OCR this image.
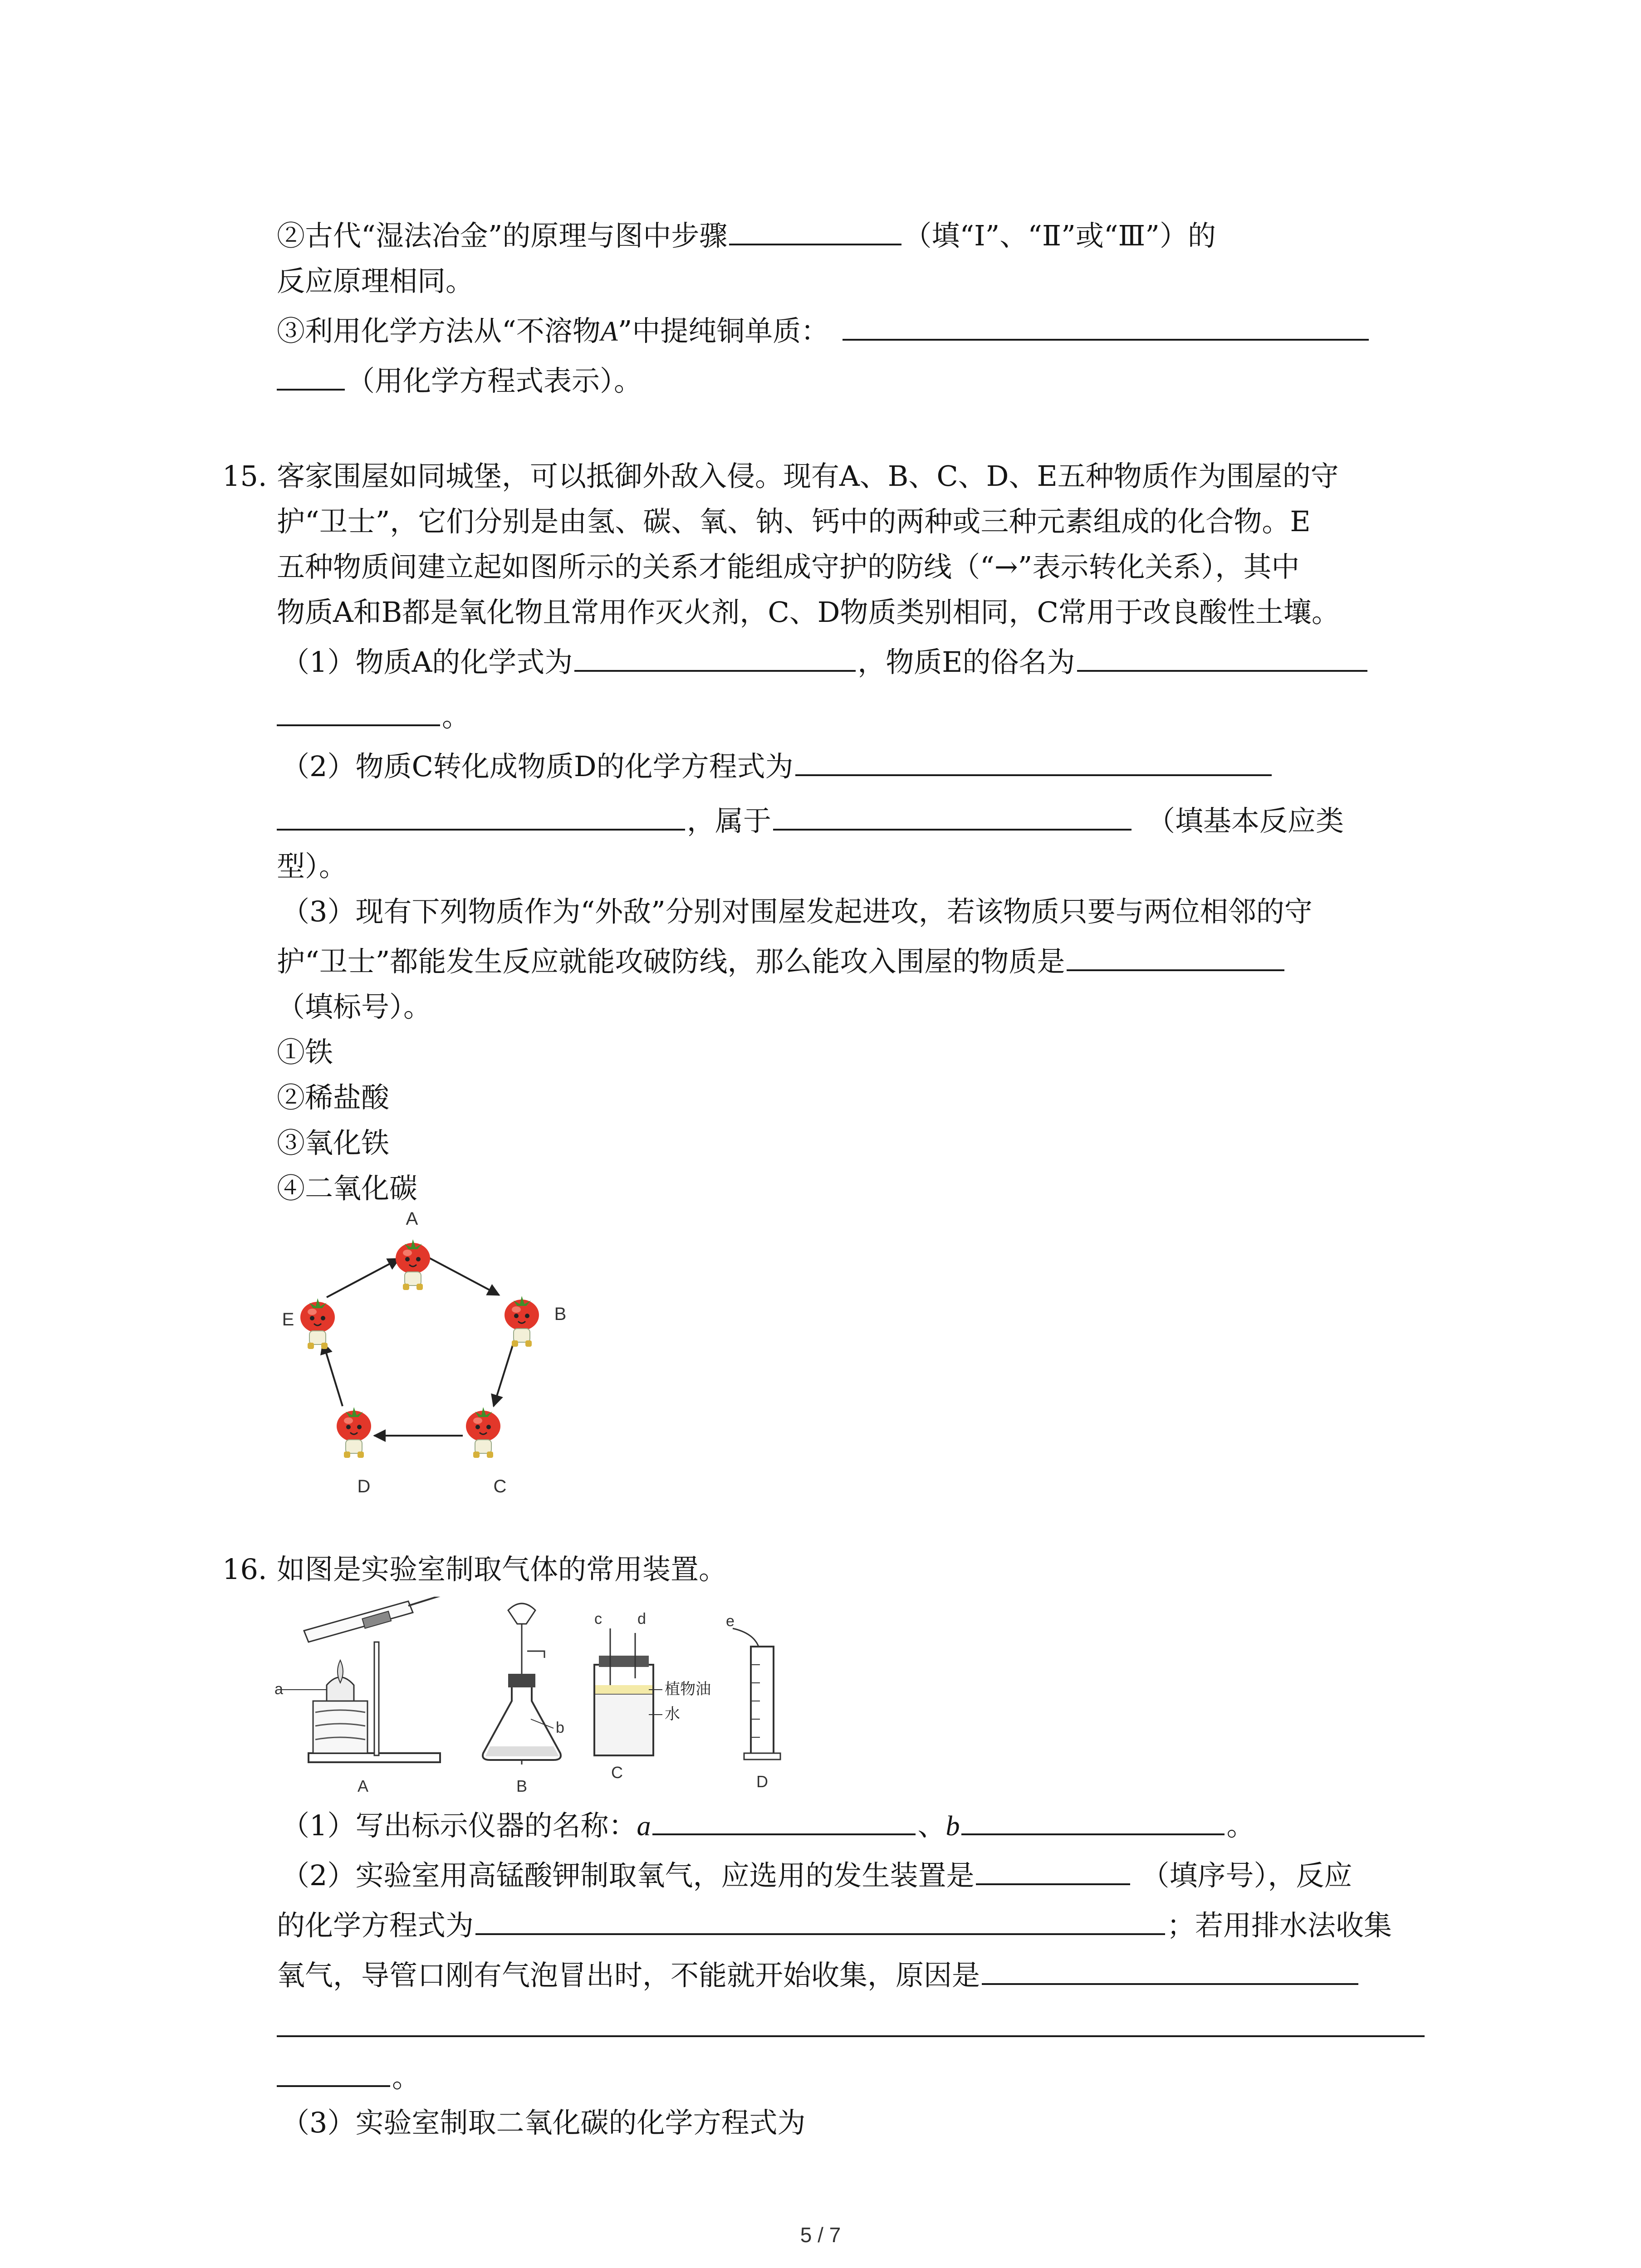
②古代“湿法冶金”的原理与图中步骤	（填“Ⅰ”、“Ⅱ”或“Ⅲ”）的
反应原理相同。
③利用化学方法从“不溶物A”中提纯铜单质：
（用化学方程式表示）。
15. 客家围屋如同城堡，可以抵御外敌入侵。现有A、B、C、D、E五种物质作为围屋的守
护“卫士”，它们分别是由氢、碳、氧、钠、钙中的两种或三种元素组成的化合物。E
五种物质间建立起如图所示的关系才能组成守护的防线（“→”表示转化关系），其中
物质A和B都是氧化物且常用作灭火剂，C、D物质类别相同，C常用于改良酸性土壤。
（1）物质A的化学式为	，物质E的俗名为
。
（2）物质C转化成物质D的化学方程式为
，属于	（填基本反应类
型）。
（3）现有下列物质作为“外敌”分别对围屋发起进攻，若该物质只要与两位相邻的守
护“卫士”都能发生反应就能攻破防线，那么能攻入围屋的物质是
（填标号）。
①铁
②稀盐酸
③氧化铁
④二氧化碳
A
B
C
D
E
16. 如图是实验室制取气体的常用装置。
a
A
b
B
c d
植物油
水
C
e
D
（1）写出标示仪器的名称：a	、b	。
（2）实验室用高锰酸钾制取氧气，应选用的发生装置是	（填序号），反应
的化学方程式为	；若用排水法收集
氧气，导管口刚有气泡冒出时，不能就开始收集，原因是
。
（3）实验室制取二氧化碳的化学方程式为
5 / 7
